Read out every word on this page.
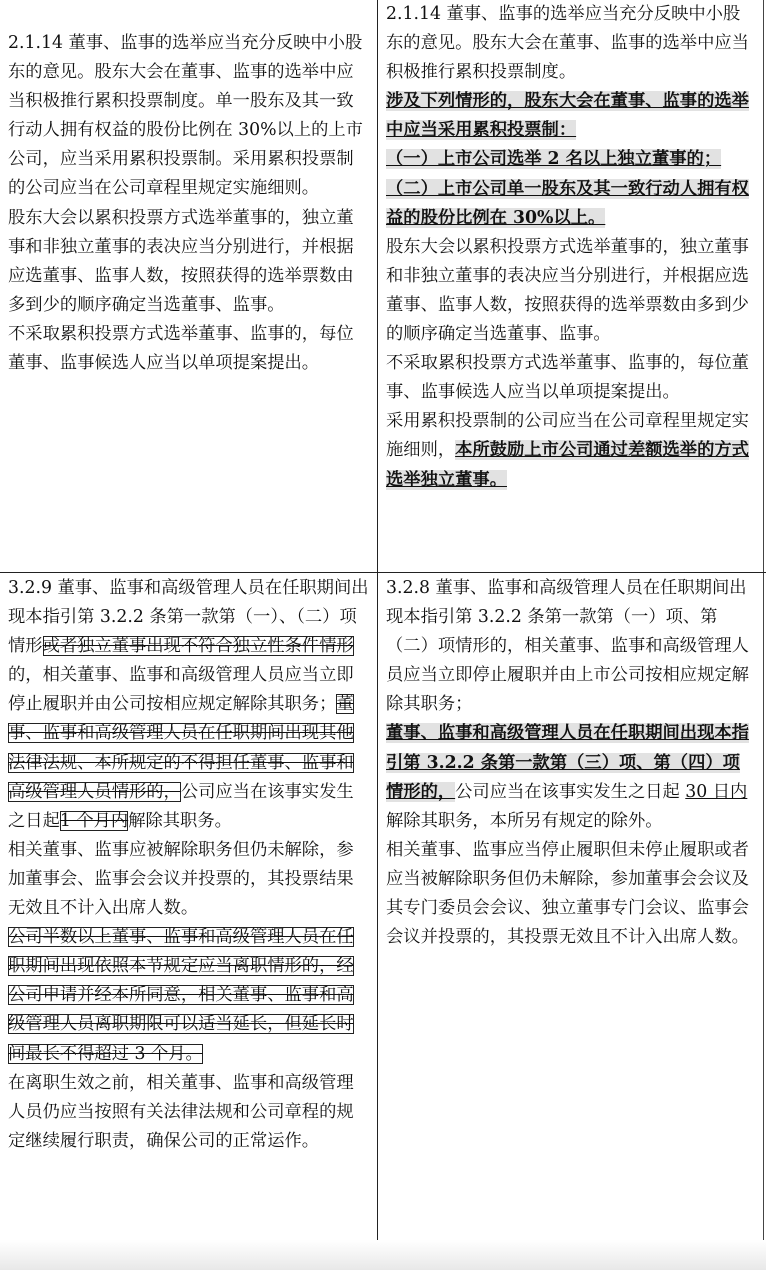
2.1.14 董事、监事的选举应当充分反映中小股东的意见。股东大会在董事、监事的选举中应当积极推行累积投票制度。单一股东及其一致行动人拥有权益的股份比例在 30%以上的上市公司，应当采用累积投票制。采用累积投票制的公司应当在公司章程里规定实施细则。

股东大会以累积投票方式选举董事的，独立董事和非独立董事的表决应当分别进行，并根据应选董事、监事人数，按照获得的选举票数由多到少的顺序确定当选董事、监事。

不采取累积投票方式选举董事、监事的，每位董事、监事候选人应当以单项提案提出。

2.1.14 董事、监事的选举应当充分反映中小股东的意见。股东大会在董事、监事的选举中应当积极推行累积投票制度。

涉及下列情形的，股东大会在董事、监事的选举中应当采用累积投票制：

（一）上市公司选举 2 名以上独立董事的；

（二）上市公司单一股东及其一致行动人拥有权益的股份比例在 30%以上。

股东大会以累积投票方式选举董事的，独立董事和非独立董事的表决应当分别进行，并根据应选董事、监事人数，按照获得的选举票数由多到少的顺序确定当选董事、监事。

不采取累积投票方式选举董事、监事的，每位董事、监事候选人应当以单项提案提出。

采用累积投票制的公司应当在公司章程里规定实施细则，本所鼓励上市公司通过差额选举的方式选举独立董事。

3.2.9 董事、监事和高级管理人员在任职期间出现本指引第 3.2.2 条第一款第（一）、（二）项情形或者独立董事出现不符合独立性条件情形的，相关董事、监事和高级管理人员应当立即停止履职并由公司按相应规定解除其职务；董事、监事和高级管理人员在任职期间出现其他法律法规、本所规定的不得担任董事、监事和高级管理人员情形的，公司应当在该事实发生之日起1 个月内解除其职务。

相关董事、监事应被解除职务但仍未解除，参加董事会、监事会会议并投票的，其投票结果无效且不计入出席人数。

公司半数以上董事、监事和高级管理人员在任职期间出现依照本节规定应当离职情形的，经公司申请并经本所同意，相关董事、监事和高级管理人员离职期限可以适当延长，但延长时间最长不得超过 3 个月。

在离职生效之前，相关董事、监事和高级管理人员仍应当按照有关法律法规和公司章程的规定继续履行职责，确保公司的正常运作。

3.2.8 董事、监事和高级管理人员在任职期间出现本指引第 3.2.2 条第一款第（一）项、第（二）项情形的，相关董事、监事和高级管理人员应当立即停止履职并由上市公司按相应规定解除其职务；

董事、监事和高级管理人员在任职期间出现本指引第 3.2.2 条第一款第（三）项、第（四）项情形的，公司应当在该事实发生之日起 30 日内解除其职务，本所另有规定的除外。

相关董事、监事应当停止履职但未停止履职或者应当被解除职务但仍未解除，参加董事会会议及其专门委员会会议、独立董事专门会议、监事会会议并投票的，其投票无效且不计入出席人数。
